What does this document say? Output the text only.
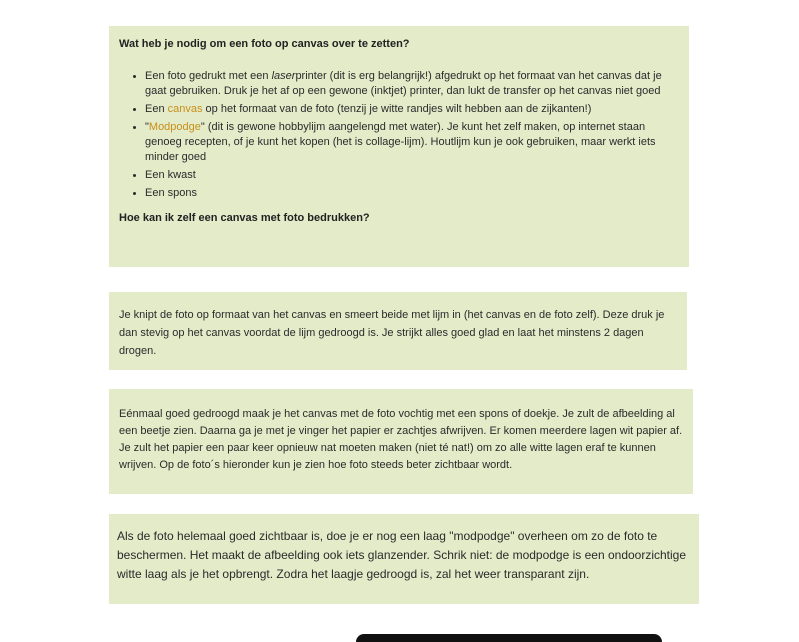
Wat heb je nodig om een foto op canvas over te zetten?

• Een foto gedrukt met een laserprinter (dit is erg belangrijk!) afgedrukt op het formaat van het canvas dat je gaat gebruiken. Druk je het af op een gewone (inktjet) printer, dan lukt de transfer op het canvas niet goed
• Een canvas op het formaat van de foto (tenzij je witte randjes wilt hebben aan de zijkanten!)
• "Modpodge" (dit is gewone hobbylijm aangelengd met water). Je kunt het zelf maken, op internet staan genoeg recepten, of je kunt het kopen (het is collage-lijm). Houtlijm kun je ook gebruiken, maar werkt iets minder goed
• Een kwast
• Een spons

Hoe kan ik zelf een canvas met foto bedrukken?

Je knipt de foto op formaat van het canvas en smeert beide met lijm in (het canvas en de foto zelf). Deze druk je dan stevig op het canvas voordat de lijm gedroogd is. Je strijkt alles goed glad en laat het minstens 2 dagen drogen.

Eénmaal goed gedroogd maak je het canvas met de foto vochtig met een spons of doekje. Je zult de afbeelding al een beetje zien. Daarna ga je met je vinger het papier er zachtjes afwrijven. Er komen meerdere lagen wit papier af. Je zult het papier een paar keer opnieuw nat moeten maken (niet té nat!) om zo alle witte lagen eraf te kunnen wrijven. Op de foto´s hieronder kun je zien hoe foto steeds beter zichtbaar wordt.

Als de foto helemaal goed zichtbaar is, doe je er nog een laag "modpodge" overheen om zo de foto te beschermen. Het maakt de afbeelding ook iets glanzender. Schrik niet: de modpodge is een ondoorzichtige witte laag als je het opbrengt. Zodra het laagje gedroogd is, zal het weer transparant zijn.
